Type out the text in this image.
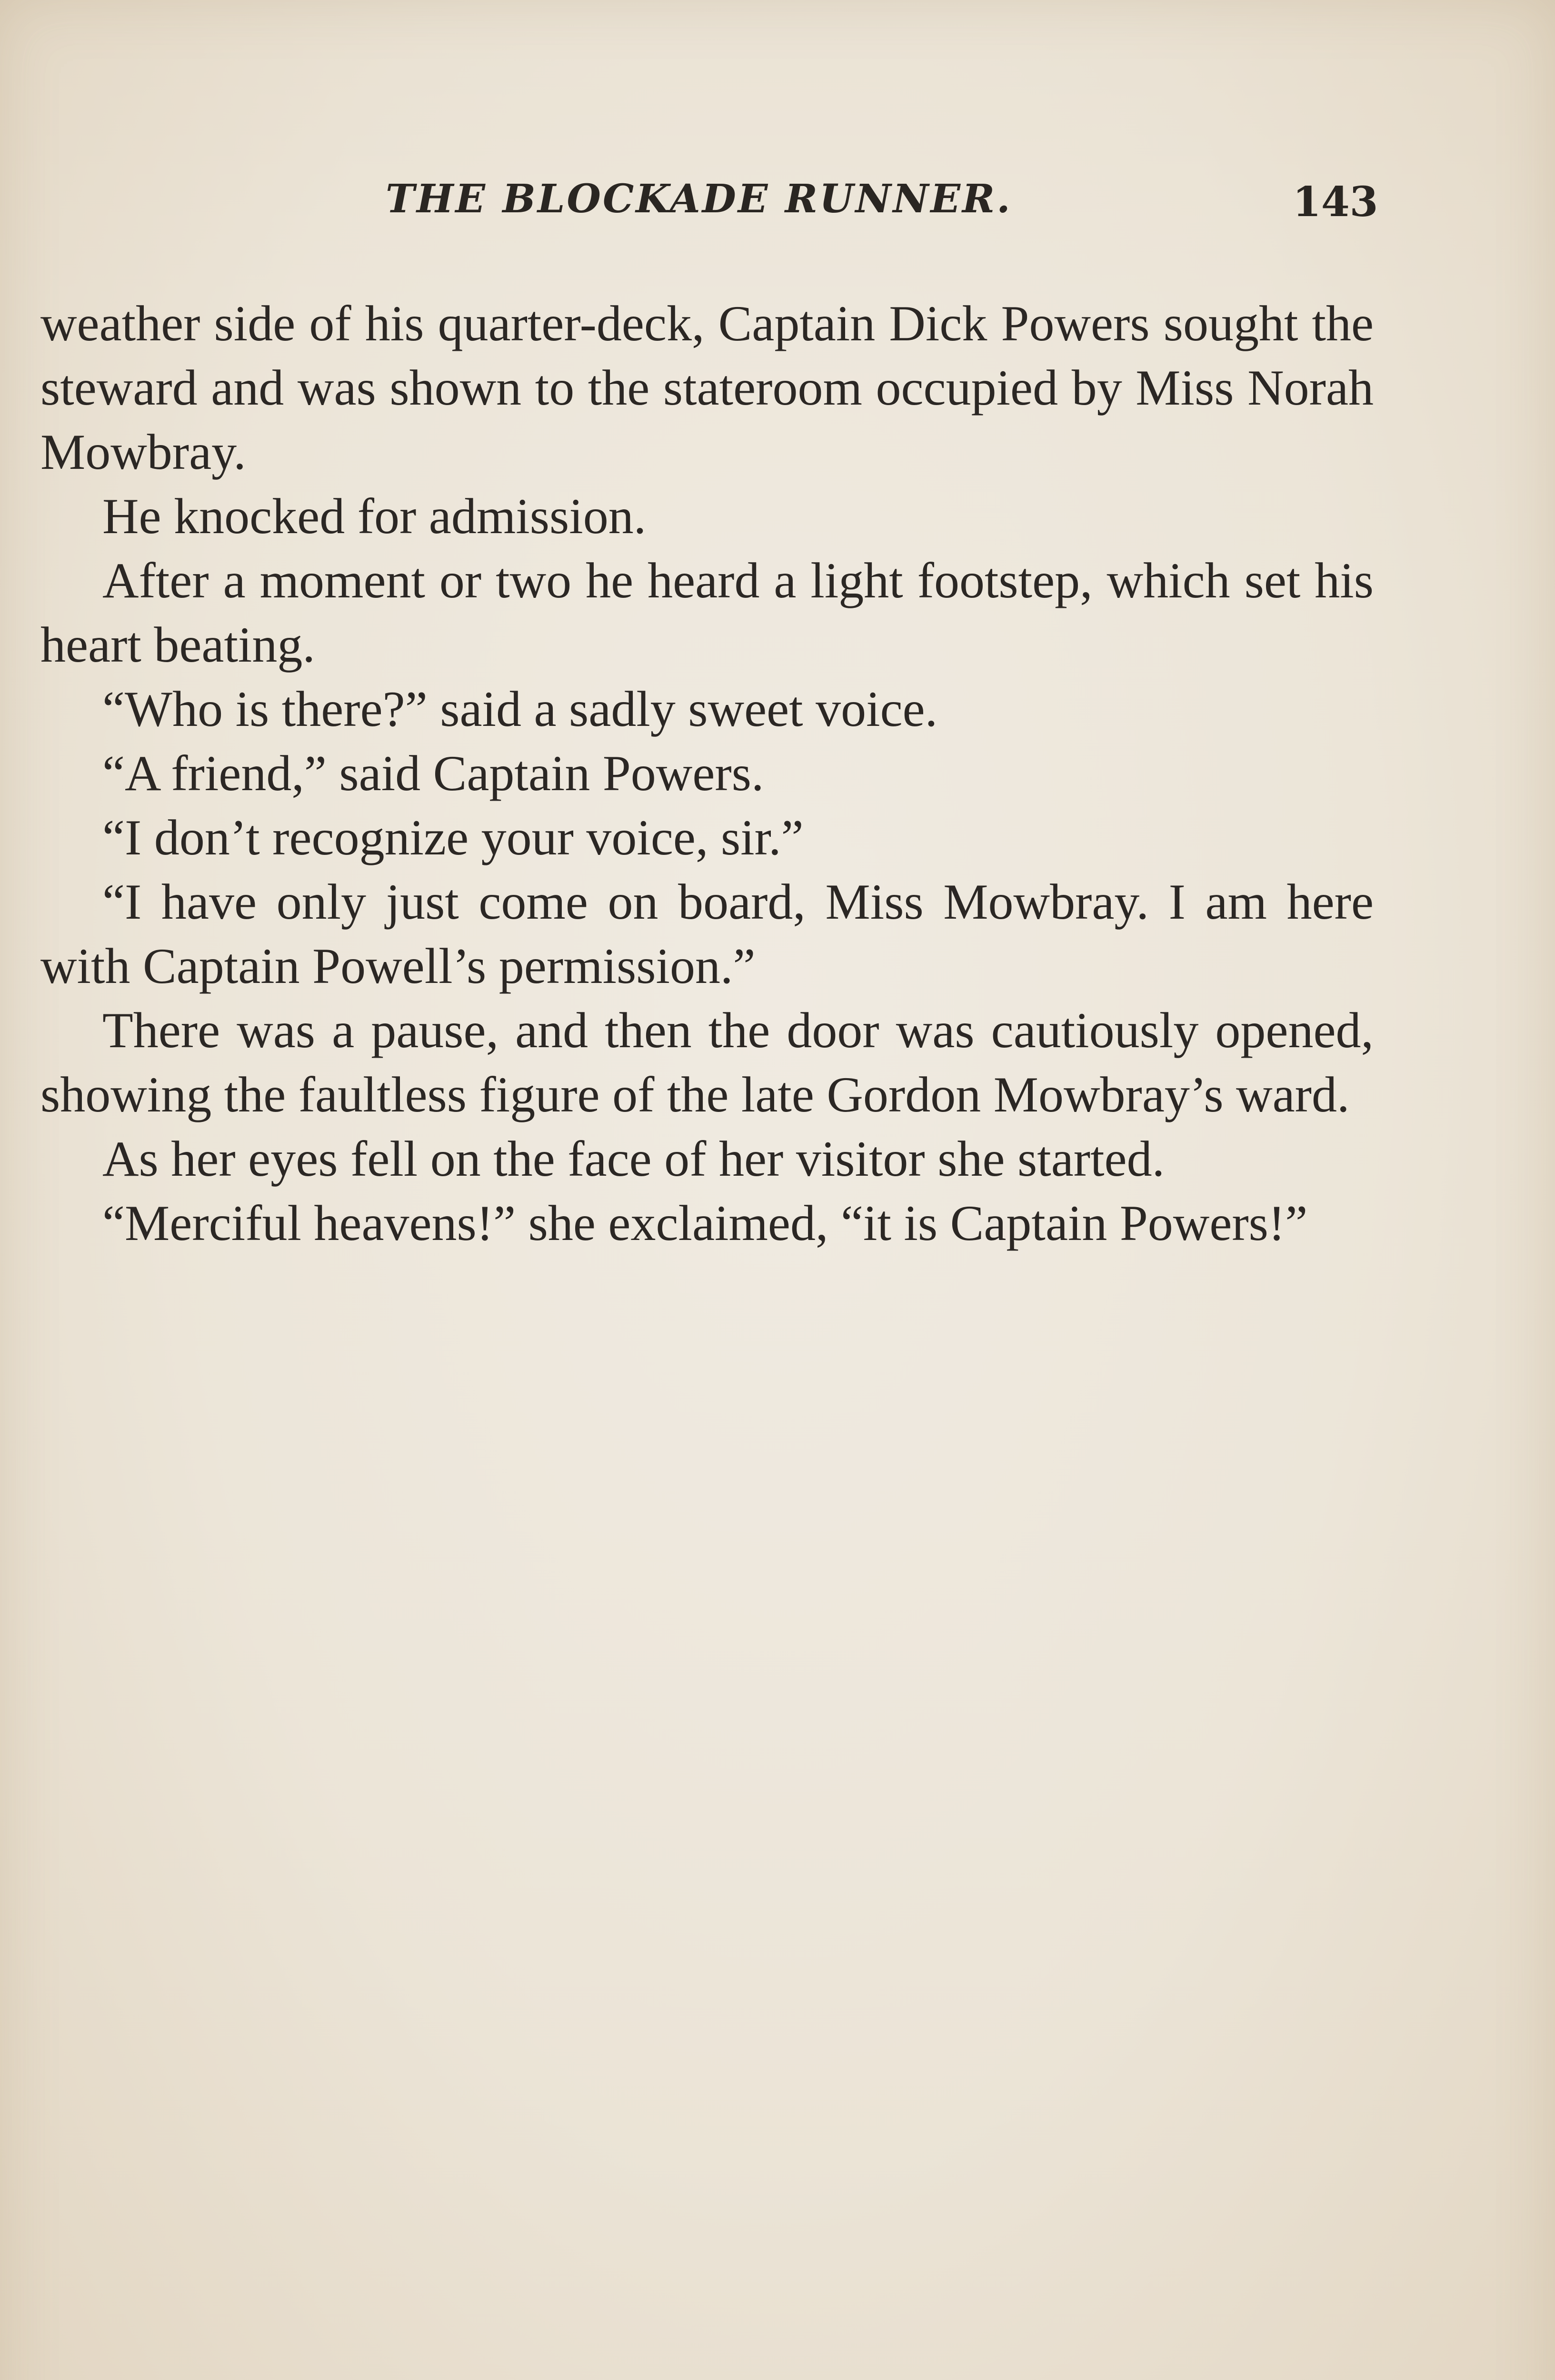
THE BLOCKADE RUNNER.	143

weather side of his quarter-deck, Captain Dick Powers sought the steward and was shown to the stateroom occupied by Miss Norah Mowbray.

He knocked for admission.

After a moment or two he heard a light footstep, which set his heart beating.

“Who is there?” said a sadly sweet voice.

“A friend,” said Captain Powers.

“I don’t recognize your voice, sir.”

“I have only just come on board, Miss Mowbray. I am here with Captain Powell’s permission.”

There was a pause, and then the door was cautiously opened, showing the faultless figure of the late Gordon Mowbray’s ward.

As her eyes fell on the face of her visitor she started.

“Merciful heavens!” she exclaimed, “it is Captain Powers!”
